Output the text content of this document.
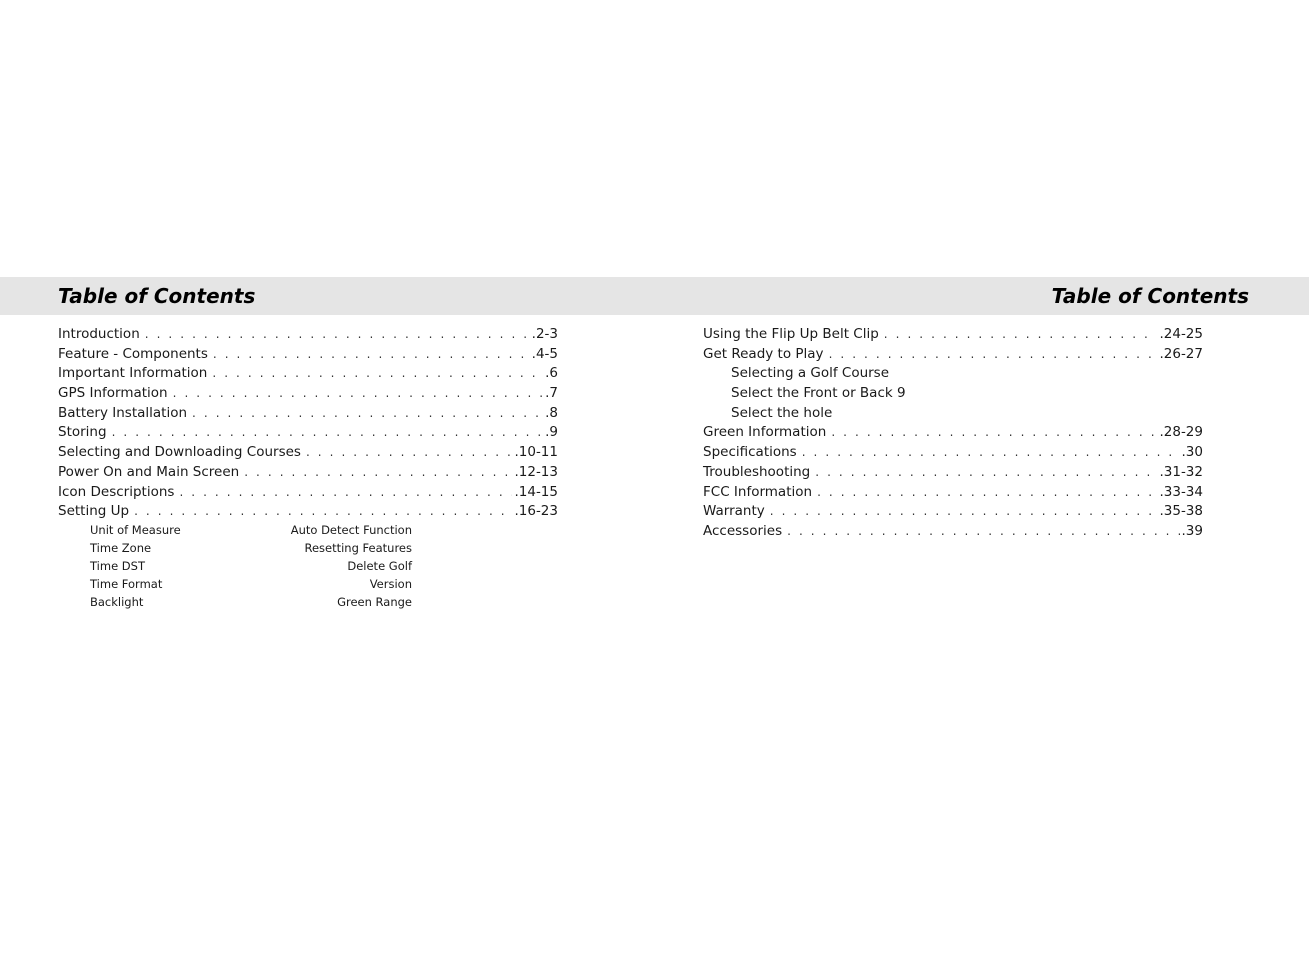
Table of Contents	Table of Contents
Introduction . . .	.2-3
Feature - Components . . .	.4-5
Important Information . . .	.6
GPS Information . . .	.7
Battery Installation . . .	.8
Storing . . .	.9
Selecting and Downloading Courses . . .	.10-11
Power On and Main Screen . . .	.12-13
Icon Descriptions . . .	.14-15
Setting Up . . .	.16-23
Unit of Measure	Auto Detect Function
Time Zone	Resetting Features
Time DST	Delete Golf
Time Format	Version
Backlight	Green Range
Using the Flip Up Belt Clip . . .	.24-25
Get Ready to Play . . .	.26-27
Selecting a Golf Course
Select the Front or Back 9
Select the hole
Green Information . . .	.28-29
Specifications . . .	.30
Troubleshooting . . .	.31-32
FCC Information . . .	.33-34
Warranty . . .	.35-38
Accessories . . .	.39
